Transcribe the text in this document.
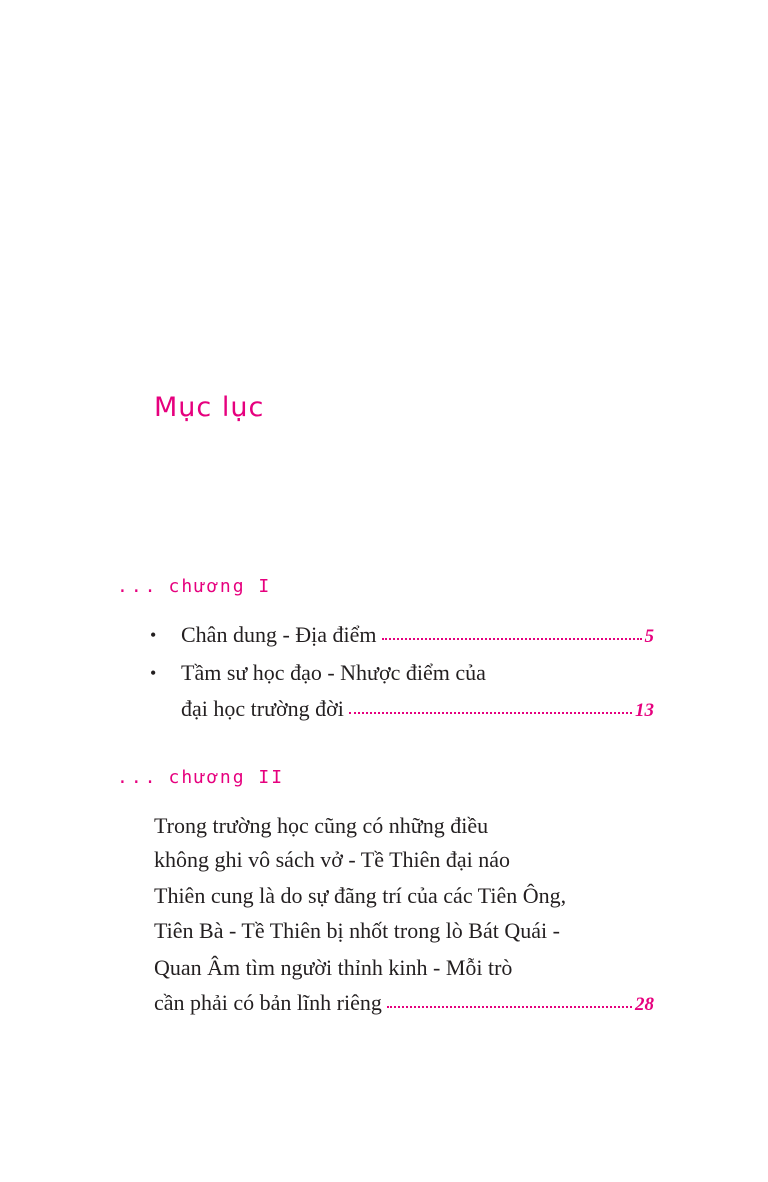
Mục lục
... chương I
•	Chân dung - Địa điểm	5
•	Tầm sư học đạo - Nhược điểm của
đại học trường đời	13
... chương II
Trong trường học cũng có những điều
không ghi vô sách vở - Tề Thiên đại náo
Thiên cung là do sự đãng trí của các Tiên Ông,
Tiên Bà - Tề Thiên bị nhốt trong lò Bát Quái -
Quan Âm tìm người thỉnh kinh - Mỗi trò
cần phải có bản lĩnh riêng	28
